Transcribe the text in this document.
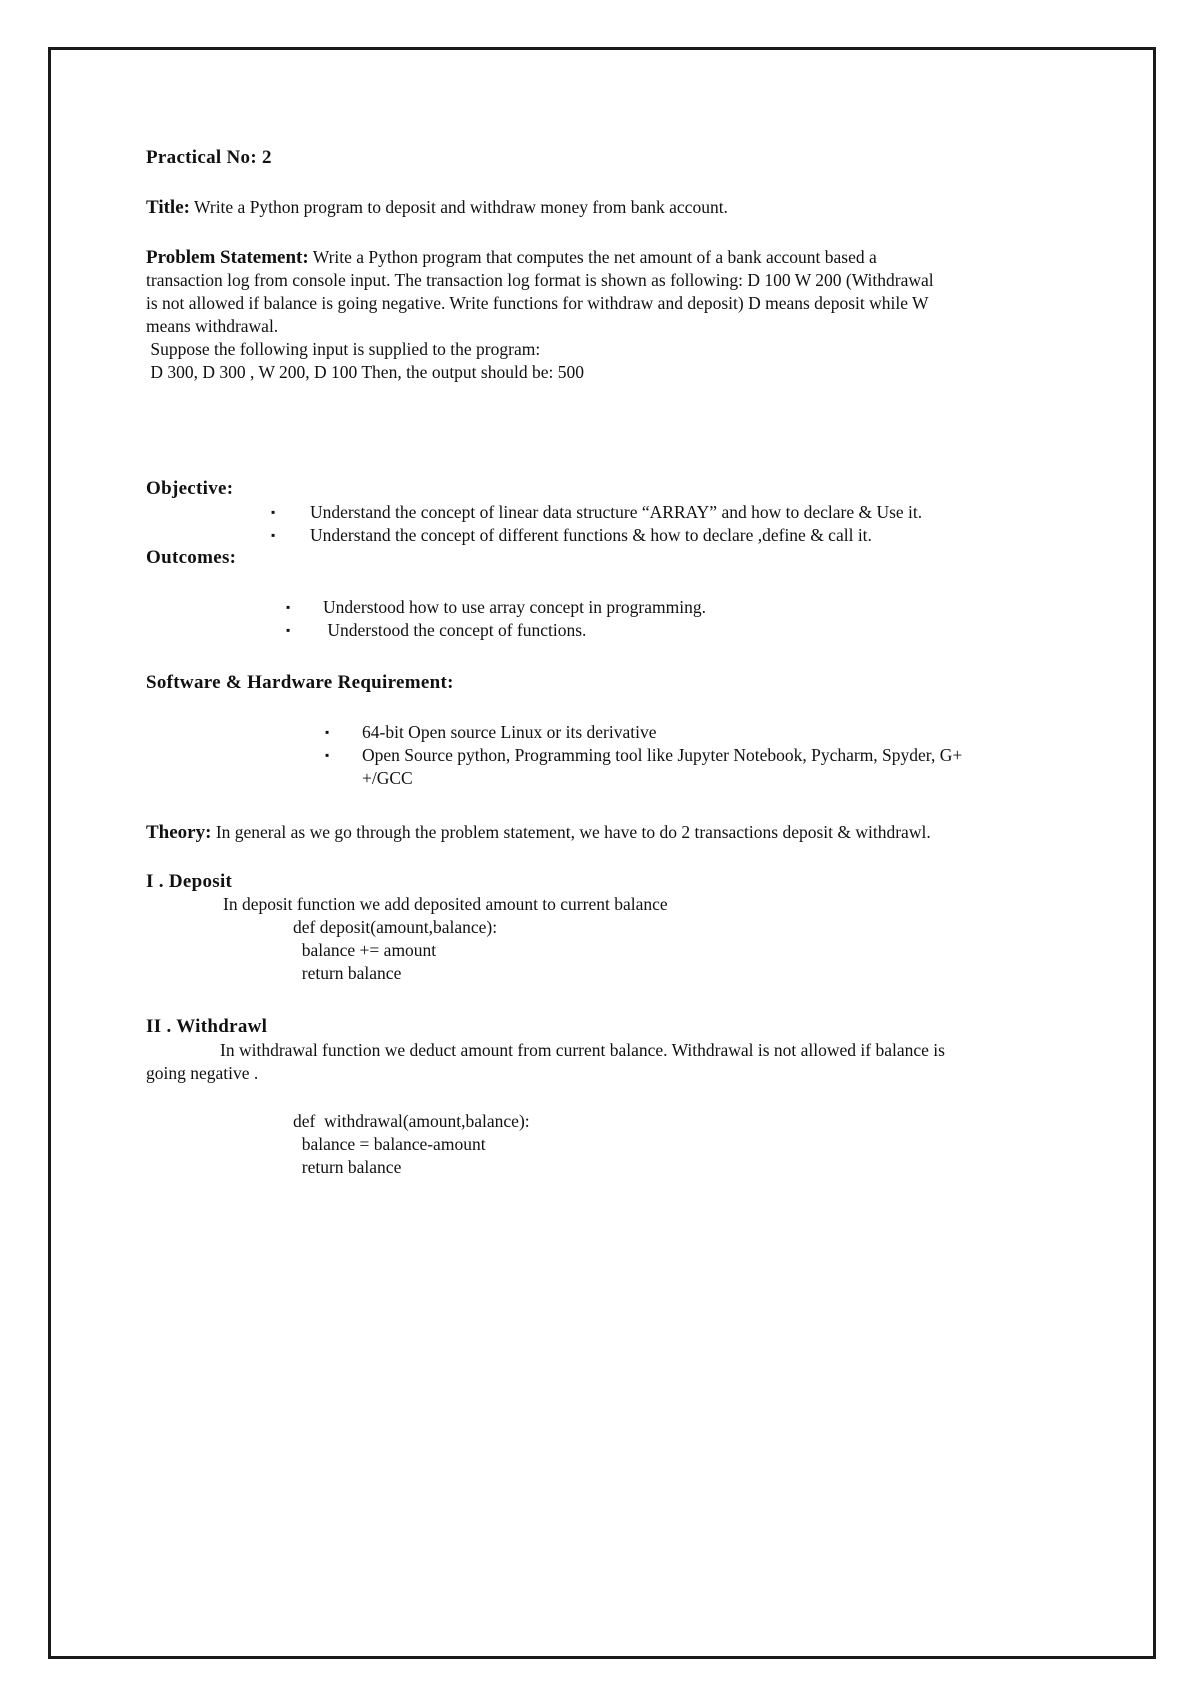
Practical No: 2
Title: Write a Python program to deposit and withdraw money from bank account.
Problem Statement: Write a Python program that computes the net amount of a bank account based a
transaction log from console input. The transaction log format is shown as following: D 100 W 200 (Withdrawal
is not allowed if balance is going negative. Write functions for withdraw and deposit) D means deposit while W
means withdrawal.
Suppose the following input is supplied to the program:
D 300, D 300 , W 200, D 100 Then, the output should be: 500
Objective:
▪ Understand the concept of linear data structure “ARRAY” and how to declare & Use it.
▪ Understand the concept of different functions & how to declare ,define & call it.
Outcomes:
▪ Understood how to use array concept in programming.
▪ Understood the concept of functions.
Software & Hardware Requirement:
▪ 64-bit Open source Linux or its derivative
▪ Open Source python, Programming tool like Jupyter Notebook, Pycharm, Spyder, G+
+/GCC
Theory: In general as we go through the problem statement, we have to do 2 transactions deposit & withdrawl.
I . Deposit
In deposit function we add deposited amount to current balance
def deposit(amount,balance):
balance += amount
return balance
II . Withdrawl
In withdrawal function we deduct amount from current balance. Withdrawal is not allowed if balance is
going negative .
def  withdrawal(amount,balance):
balance = balance-amount
return balance
